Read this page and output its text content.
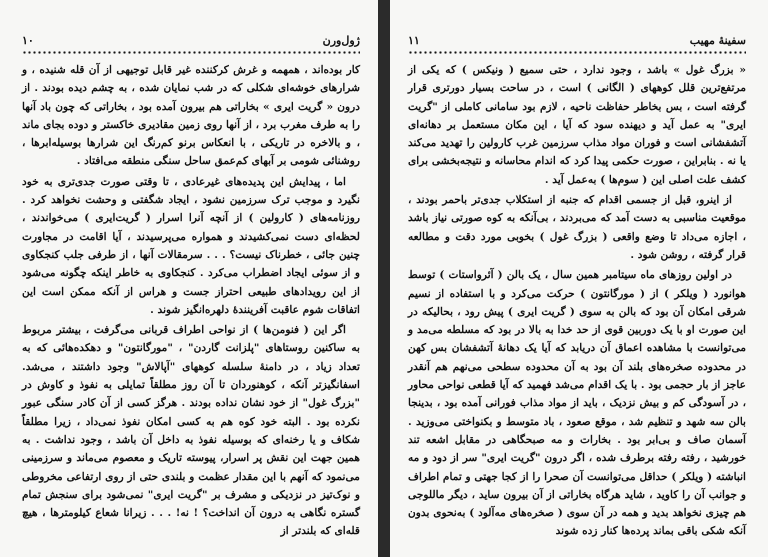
ژول‌ورن
۱۰

کار بوده‌اند ، همهمه و غرش کرکننده غیر قابل توجیهی از آن قله شنیده ، و شرارهای خوشه‌ای شکلی که در شب نمایان شده ، به چشم دیده بودند . از درون « گریت ایری » بخاراتی هم بیرون آمده بود ، بخاراتی که چون باد آنها را به طرف مغرب برد ، از آنها روی زمین مقادیری خاکستر و دوده بجای ماند ، و بالاخره در تاریکی ، با انعکاس برنو کم‌رنگ این شرارها بوسیله‌ابرها ، روشنائی شومی بر آبهای کم‌عمق ساحل سنگی منطقه می‌افتاد .

اما ، پیدایش این پدیده‌های غیرعادی ، تا وقتی صورت جدی‌تری به خود نگیرد و موجب ترک سرزمین نشود ، ایجاد شگفتی و وحشت نخواهد کرد . روزنامه‌های ( کارولین ) از آنچه آنرا اسرار ( گریت‌ایری ) می‌خواندند ، لحظه‌ای دست نمی‌کشیدند و همواره می‌پرسیدند ، آیا اقامت در مجاورت چنین جائی ، خطرناک نیست؟ . . . سرمقالات آنها ، از طرفی جلب کنجکاوی و از سوئی ایجاد اضطراب می‌کرد . کنجکاوی به خاطر اینکه چگونه می‌شود از این رویدادهای طبیعی احتراز جست و هراس از آنکه ممکن است این اتفاقات شوم عاقبت آفرینندهٔ دلهره‌انگیز شوند .

اگر این ( فنومن‌ها ) از نواحی اطراف قربانی می‌گرفت ، بیشتر مربوط به ساکنین روستاهای "پلزانت گاردن" ، "مورگانتون" و دهکده‌هائی که به تعداد زیاد ، در دامنهٔ سلسله کوههای "آپالاش" وجود داشتند ، می‌شد. اسفانگیزتر آنکه ، کوهنوردان تا آن روز مطلقاً تمایلی به نفوذ و کاوش در "بزرگ غول" از خود نشان نداده بودند . هرگز کسی از آن کادر سنگی عبور نکرده بود . البته خود کوه هم به کسی امکان نفوذ نمی‌داد ، زیرا مطلقاً شکاف و یا رخنه‌ای که بوسیله نفوذ به داخل آن باشد ، وجود نداشت . به همین جهت این نقش پر اسرار، پیوسته تاریک و معصوم می‌ماند و سرزمینی می‌نمود که آنهم با این مقدار عظمت و بلندی حتی از روی ارتفاعی مخروطی و نوک‌تیز در نزدیکی و مشرف بر "گریت ایری" نمی‌شود برای سنجش تمام گستره نگاهی به درون آن انداخت؟ ! نه! . . . زیرانا شعاع کیلومترها ، هیچ قله‌ای که بلندتر از

سفینهٔ مهیب
۱۱

« بزرگ غول » باشد ، وجود ندارد ، حتی سمیع ( ونیکس ) که یکی از مرتفع‌ترین قلل کوههای ( الگانی ) است ، در ساحت بسیار دورتری قرار گرفته است ، بس بخاطر حفاظت ناحیه ، لازم بود سامانی کاملی از "گریت ایری" به عمل آید و دیهنده سود که آیا ، این مکان مستعمل بر دهانه‌ای آتشفشانی است و فوران مواد مذاب سرزمین غرب کارولین را تهدید می‌کند یا نه . بنابراین ، صورت حکمی پیدا کرد که اندام محاسانه و نتیجه‌بخشی برای کشف علت اصلی این ( سوم‌ها ) به‌عمل آید .

از اینرو، قبل از جسمی اقدام که جنبه از استکلاب جدی‌تر باحمر بودند ، موقعیت مناسبی به دست آمد که می‌بردند ، بی‌آنکه به کوه صورتی نیاز باشد ، اجازه می‌داد تا وضع واقعی ( بزرگ غول ) بخوبی مورد دقت و مطالعه قرار گرفته ، روشن شود .

در اولین روزهای ماه سیتامبر همین سال ، یک بالن ( آئرواستات ) توسط هوانورد ( ویلکر ) از ( مورگانتون ) حرکت می‌کرد و با استفاده از نسیم شرقی امکان آن بود که بالن به سوی ( گریت ایری ) پیش رود ، بحالیکه در این صورت او با یک دوربین قوی از حد خدا به بالا در بود که مسلطه می‌مد و می‌توانست با مشاهده اعماق آن دریابد که آیا یک دهانهٔ آتشفشان بس کهن در محدوده صخره‌های بلند آن بود به آن محدوده سطحی می‌نهم هم آنقدر عاجز از بار حجمی بود . با یک اقدام می‌شد فهمید که آیا قطعی نواحی محاور ، در آسودگی کم و بیش نزدیک ، باید از مواد مذاب فورانی آمده بود ، بدینجا بالن سه شهد و تنظیم شد ، موقع صعود ، باد متوسط و بکنواختی می‌وزید . آسمان صاف و بی‌ابر بود . بخارات و مه صبحگاهی در مقابل اشعه تند خورشید ، رفته رفته برطرف شده ، اگر درون "گریت ایری" سر از دود و مه انباشته ( ویلکر ) حداقل می‌توانست آن صحرا را از کجا جهتی و تمام اطراف و جوانب آن را کاوید ، شاید هرگاه بخاراتی از آن بیرون ساید ، دیگر ماللوجی هم چیزی نخواهد بدید و همه در آن سوی ( صخره‌های مه‌آلود ) به‌نحوی بدون آنکه شکی باقی بماند پرده‌ها کنار زده شوند
